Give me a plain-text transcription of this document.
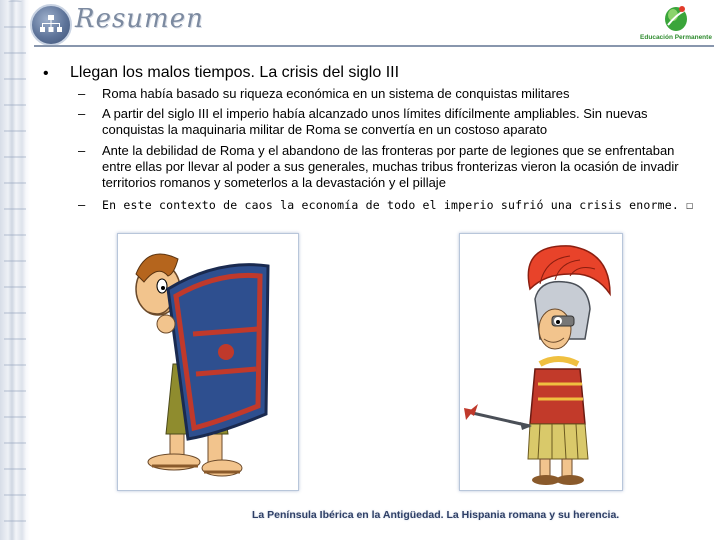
Resumen
Educación Permanente
• Llegan los malos tiempos. La crisis del siglo III
– Roma había basado su riqueza económica en un sistema de conquistas militares
– A partir del siglo III el imperio había alcanzado unos límites difícilmente ampliables. Sin nuevas conquistas la maquinaria militar de Roma se convertía en un costoso aparato
– Ante la debilidad de Roma y el abandono de las fronteras por parte de legiones que se enfrentaban entre ellas por llevar al poder a sus generales, muchas tribus fronterizas vieron la ocasión de invadir territorios romanos y someterlos a la devastación y el pillaje
– En este contexto de caos la economía de todo el imperio sufrió una crisis enorme. ☐
La Península Ibérica en la Antigüedad. La Hispania romana y su herencia.
